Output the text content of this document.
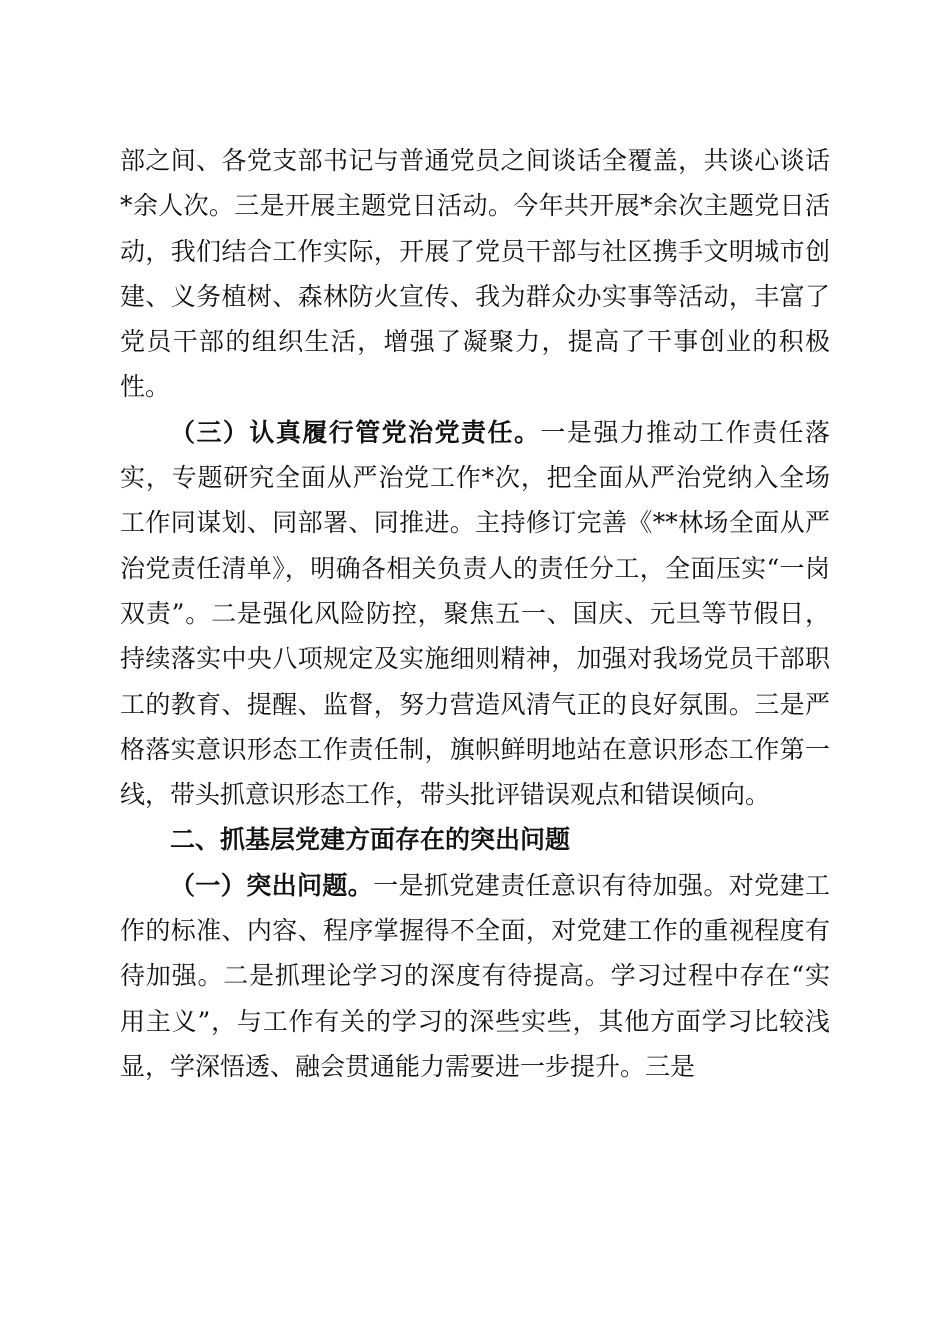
部之间、各党支部书记与普通党员之间谈话全覆盖，共谈心谈话*余人次。三是开展主题党日活动。今年共开展*余次主题党日活动，我们结合工作实际，开展了党员干部与社区携手文明城市创建、义务植树、森林防火宣传、我为群众办实事等活动，丰富了党员干部的组织生活，增强了凝聚力，提高了干事创业的积极性。

（三）认真履行管党治党责任。一是强力推动工作责任落实，专题研究全面从严治党工作*次，把全面从严治党纳入全场工作同谋划、同部署、同推进。主持修订完善《**林场全面从严治党责任清单》，明确各相关负责人的责任分工，全面压实“一岗双责”。二是强化风险防控，聚焦五一、国庆、元旦等节假日，持续落实中央八项规定及实施细则精神，加强对我场党员干部职工的教育、提醒、监督，努力营造风清气正的良好氛围。三是严格落实意识形态工作责任制，旗帜鲜明地站在意识形态工作第一线，带头抓意识形态工作，带头批评错误观点和错误倾向。

二、抓基层党建方面存在的突出问题

（一）突出问题。一是抓党建责任意识有待加强。对党建工作的标准、内容、程序掌握得不全面，对党建工作的重视程度有待加强。二是抓理论学习的深度有待提高。学习过程中存在“实用主义”，与工作有关的学习的深些实些，其他方面学习比较浅显，学深悟透、融会贯通能力需要进一步提升。三是
